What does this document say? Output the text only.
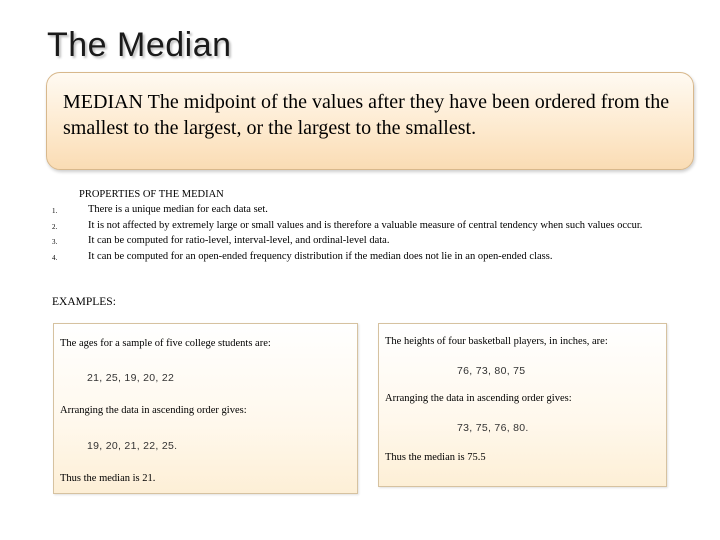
The Median
MEDIAN The midpoint of the values after they have been ordered from the smallest to the largest, or the largest to the smallest.
PROPERTIES OF THE MEDIAN
1.	There is a unique median for each data set.
2.	It is not affected by extremely large or small values and is therefore a valuable measure of central tendency when such values occur.
3.	It can be computed for ratio-level, interval-level, and ordinal-level data.
4.	It can be computed for an open-ended frequency distribution if the median does not lie in an open-ended class.
EXAMPLES:
The ages for a sample of five college students are:
21, 25, 19, 20, 22
Arranging the data in ascending order gives:
19, 20, 21, 22, 25.
Thus the median is 21.
The heights of four basketball players, in inches, are:
76, 73, 80, 75
Arranging the data in ascending order gives:
73, 75, 76, 80.
Thus the median is 75.5
